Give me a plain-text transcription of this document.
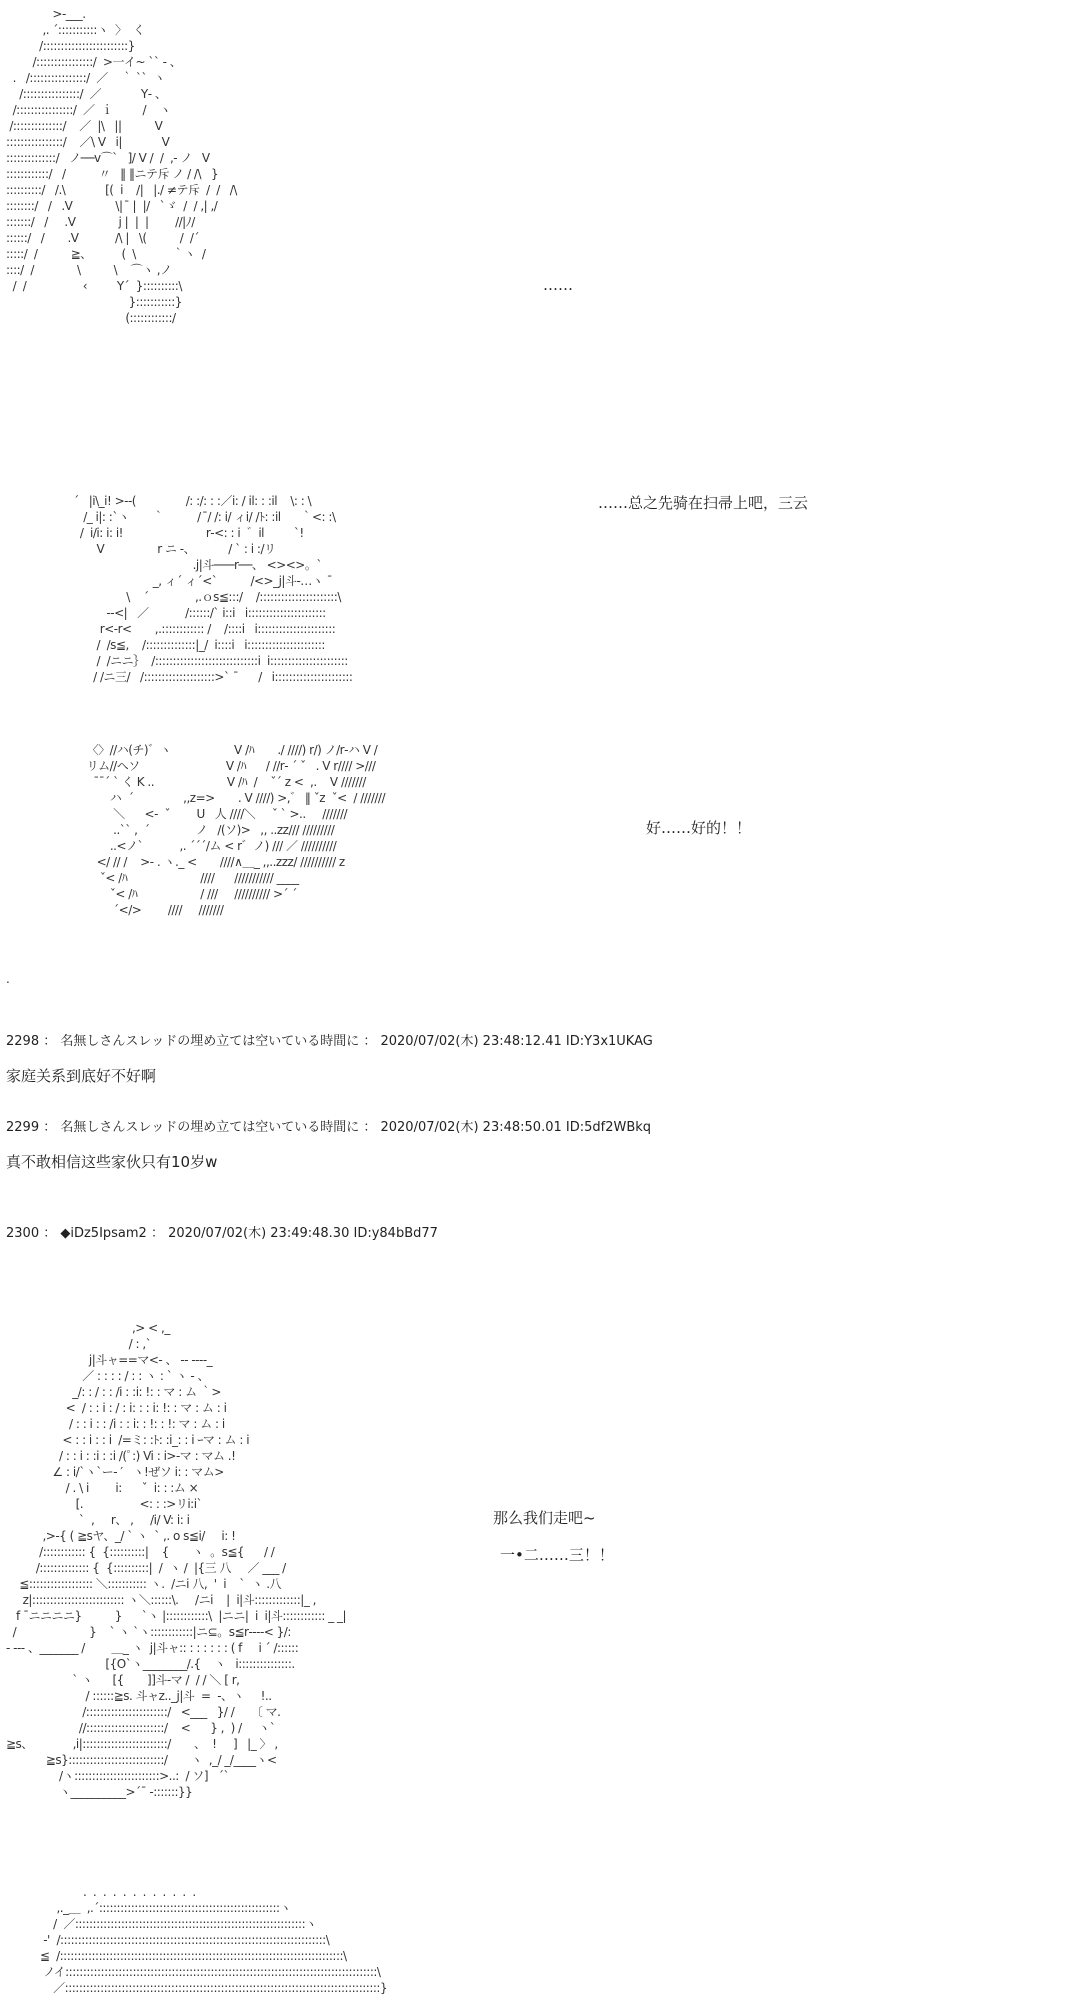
>-___.
,. ´:::::::::::ヽ  〉  く
/::::::::::::::::::::::::}
/::::::::::::::::/  >一イ~ `` ‐ 、
.   /::::::::::::::::/  ／    ｀ ``  ヽ
/::::::::::::::::/  ／            Y‐ 、
/::::::::::::::::/  ／  ｉ         /    ヽ
/::::::::::::::/    ／  |\   ||          V
::::::::::::::::/    ／\ V   i|            V
::::::::::::::/   ノ──v⌒`   ]/ V /  /  ,‐ ノ   V
::::::::::::/   /          〃   ‖ ‖ニテ斥 ノ / /\   }
::::::::::/   /.\            [(  i    /|   |./ ≠テ斥  /  /   /\
::::::::/   /   .V             \|  ̄ |  |/   `ゞ  /  / ,| ,/
:::::::/   /     .V             j |  |  |        //|ﾉ/
::::::/   /       .V           /\ |   \(          /  /´
:::::/  /          ≧、         (  \           ｀ヽ  /
::::/  /             \          \    ⌒ヽ ,ノ
/  /                 ‹         Y´  }::::::::::\
}:::::::::::}
(::::::::::::/
……
´   |i\_i! >‐-(               /: :/: : :／i: / il: : :il    \: : \
/_ i|: :`ヽ       ｀          /  ̄/ /: i/ ィi/ /ﾄ: :il      ｀<: :\
/  i/i: i: i!                         r‐<: : i  ゛il         `!
V                r ニ ‐、          / ` : i :/リ
.j|斗───r──、 <><>。`
_, ィ´ ィ´<`          /<>_j|斗‐…ヽ ¯
\    ´              ,.ｏs≦:::/    /::::::::::::::::::::::\
‐‐<|   ／           /::::::/` i::i   i::::::::::::::::::::::
r<‐r<       ,.:::::::::::: /    /::::i   i::::::::::::::::::::::
/  /s≦,    /::::::::::::::|_/  i::::i   i::::::::::::::::::::::
/  /ニニ｝  /:::::::::::::::::::::::::::::i  i::::::::::::::::::::::
/ /ニ三/   /::::::::::::::::::::>` ¯      /   i::::::::::::::::::::::
……总之先骑在扫帚上吧，三云
〈〉//ハ(チ)゛ヽ                   V /ﾊ       ./ ////) r/) ノ/r‐ハ V /
リム//ヘソ                          V /ﾊ      / //r‐ ´ ˇ   . V r//// >///
¯¯´ ` く K ..                      V /ﾊ  /    ˇ´ z <  ,.    V ///////
ハ  ´               ,,z=>       . V ////) >,゛ ‖ ˇz  ˇ<  / ///////
＼      <‐  ˇ        U   人 ////＼     ˇ ` >..     ///////
..`` ,  ´              ノ   /(ソ)>   ,, ..zz/// /////////
..<ノ`           ,. ´´´/ム < r゛ノ) /// ／ //////////
</ // /    >‐ . ヽ._ <       ////∧＿_ ,,..zzz/ ////////// z
ˇ< /ﾊ                      ////      /////////// ____
ˇ< /ﾊ                   / ///     ////////// >´ ´
´</>        ////     ///////
好……好的！！
.
2298 ： 名無しさんスレッドの埋め立ては空いている時間に ： 2020/07/02(木) 23:48:12.41 ID:Y3x1UKAG
家庭关系到底好不好啊
2299 ： 名無しさんスレッドの埋め立ては空いている時間に ： 2020/07/02(木) 23:48:50.01 ID:5df2WBkq
真不敢相信这些家伙只有10岁w
2300 ： ◆iDz5Ipsam2 ： 2020/07/02(木) 23:49:48.30 ID:y84bBd77
,> < ,_
/ : ,`
j|斗ャ==マ<‐ 、 ‐‐ ‐‐‐‐_
／ : : : : / : : ヽ : ` ヽ ‐ 、
_/: : / : : /i : :i: !: : マ : ム ｀>
<  / : : i : / : i: : : i: !: : マ : ム : i
/ : : i : : /i : : i: : !: : !: マ : ム : i
< : : i : : i  /=ミ: :ﾄ: :i_: : i ｰマ : ム : i
/ : : i : :i : :i /(ﾟ:) Vi : i>‐マ : マム .!
∠ : i/`ヽ`ー‐ ′   ヽ!ぜソ i: : マム>
/ . \ i        i:      ˇ  i: : :ム ×
[.                 <: : :>リi:i`
`  ,     r、 ,     /i/ V: i: i
,>‐{ ( ≧sヤ、_/ ` ヽ  ` ,. o s≦i/     i: !
/:::::::::::: {  {::::::::::|    {       ヽ  。s≦{      / /
/:::::::::::::: {  {::::::::::|  /  ヽ /  |{三 八     ／ ___ /
≦:::::::::::::::::: ＼::::::::::: ヽ.  /ニi 八,  '  i    `  ヽ .八
z|:::::::::::::::::::::::::: ヽ＼::::::\.     /ニi    |  i|斗:::::::::::::|_ ,
f ¯ニニニニ}          }      `ヽ |::::::::::::\  |ニニ|  i  i|斗:::::::::::: _ _|
/                      }    ` ヽ `ヽ::::::::::::|ニ⊆。s≦r‐‐‐‐< }/:
‐ ‐‐‐ 、_______ /        ＿_ ヽ  j|斗ャ:: : : : : : : ( f     i ´ /::::::
[{O`ヽ________/.{    ヽ   i:::::::::::::::.
` ヽ      [{       ]]斗‐マ /  / / ＼ [ r,
/ ::::::≧s. 斗ャz.._j|斗  =  -、ヽ     !..
/:::::::::::::::::::::::/   <___   }/ /     〔 マ.
//::::::::::::::::::::::/    <      } ,  ) /     ヽ`
≧s、            ,i|::::::::::::::::::::::::/       、  !     ]   |_ 〉 ,
≧s}:::::::::::::::::::::::::::/       ヽ  ,_/ _/____ヽ<
/ヽ::::::::::::::::::::::::>..:  / ソ]   ´`
ヽ__________>´¯ ‐:::::::}}

那么我们走吧~
一•二……三！！
.  .  .  .  .  .  .  .  .  .  .  .
,._＿  ,.´:::::::::::::::::::::::::::::::::::::::::::::::::::ヽ
/  ／:::::::::::::::::::::::::::::::::::::::::::::::::::::::::::::::::ヽ
‐'  /:::::::::::::::::::::::::::::::::::::::::::::::::::::::::::::::::::::::::::\
≦  /::::::::::::::::::::::::::::::::::::::::::::::::::::::::::::::::::::::::::::::::\
ノイ::::::::::::::::::::::::::::::::::::::::::::::::::::::::::::::::::::::::::::::::::::::::\
／:::::::::::::::::::::::::::::::::::::::::::::::::::::::::::::::::::::::::::::::::::::::::}
